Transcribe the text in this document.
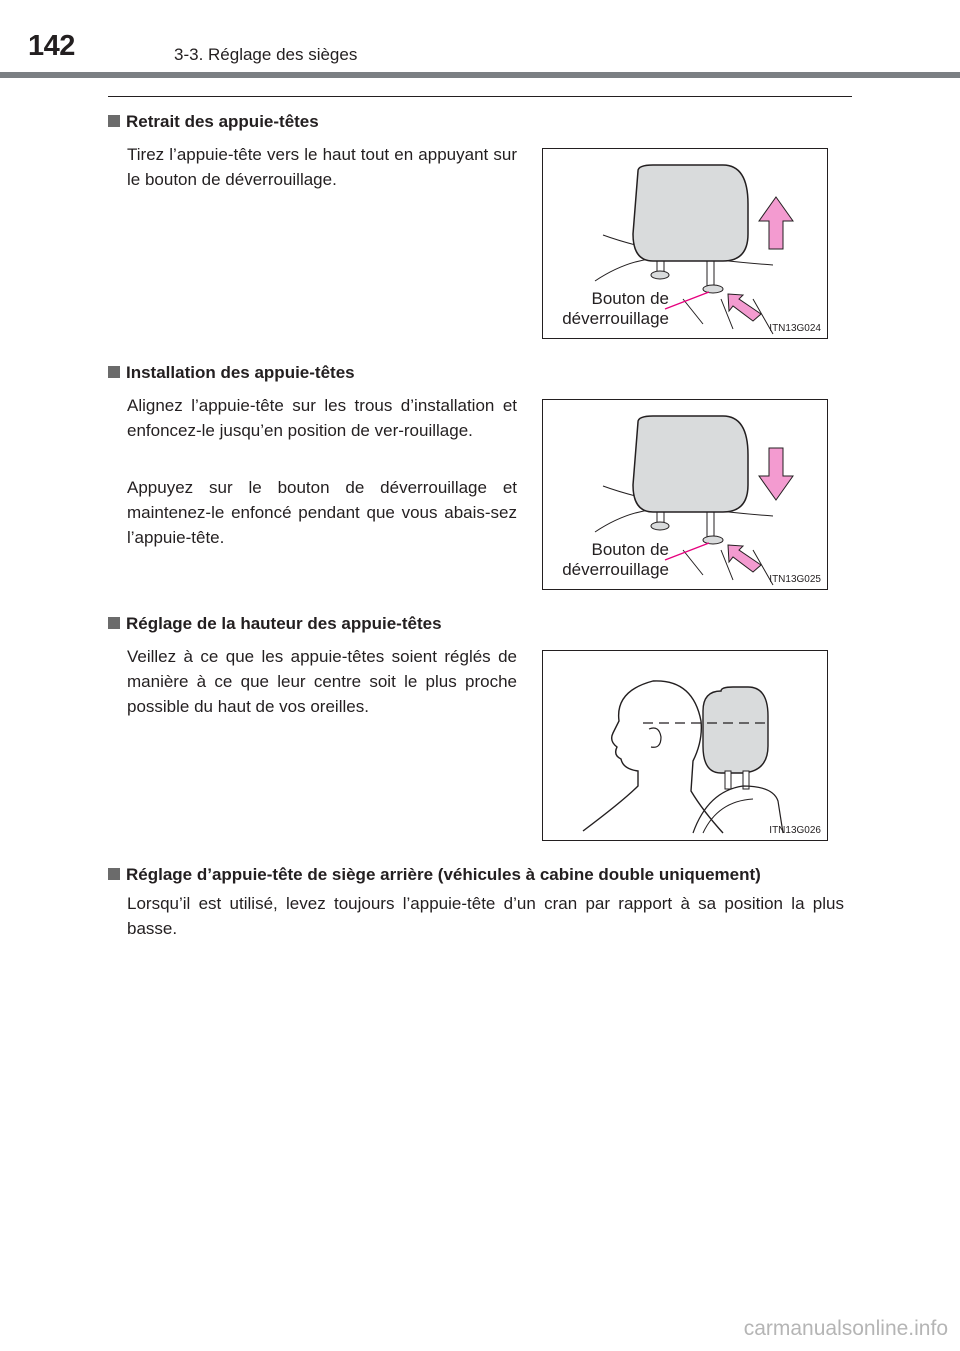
142	3-3. Réglage des sièges
Retrait des appuie-têtes

Tirez l’appuie-tête vers le haut tout en appuyant sur le bouton de déverrouillage.

Bouton de
déverrouillage
ITN13G024
Installation des appuie-têtes

Alignez l’appuie-tête sur les trous d’installation et enfoncez-le jusqu’en position de ver-rouillage.

Appuyez sur le bouton de déverrouillage et maintenez-le enfoncé pendant que vous abais-sez l’appuie-tête.

Bouton de
déverrouillage
ITN13G025
Réglage de la hauteur des appuie-têtes

Veillez à ce que les appuie-têtes soient réglés de manière à ce que leur centre soit le plus proche possible du haut de vos oreilles.

ITN13G026
Réglage d’appuie-tête de siège arrière (véhicules à cabine double uniquement)

Lorsqu’il est utilisé, levez toujours l’appuie-tête d’un cran par rapport à sa position la plus basse.

carmanualsonline.info
